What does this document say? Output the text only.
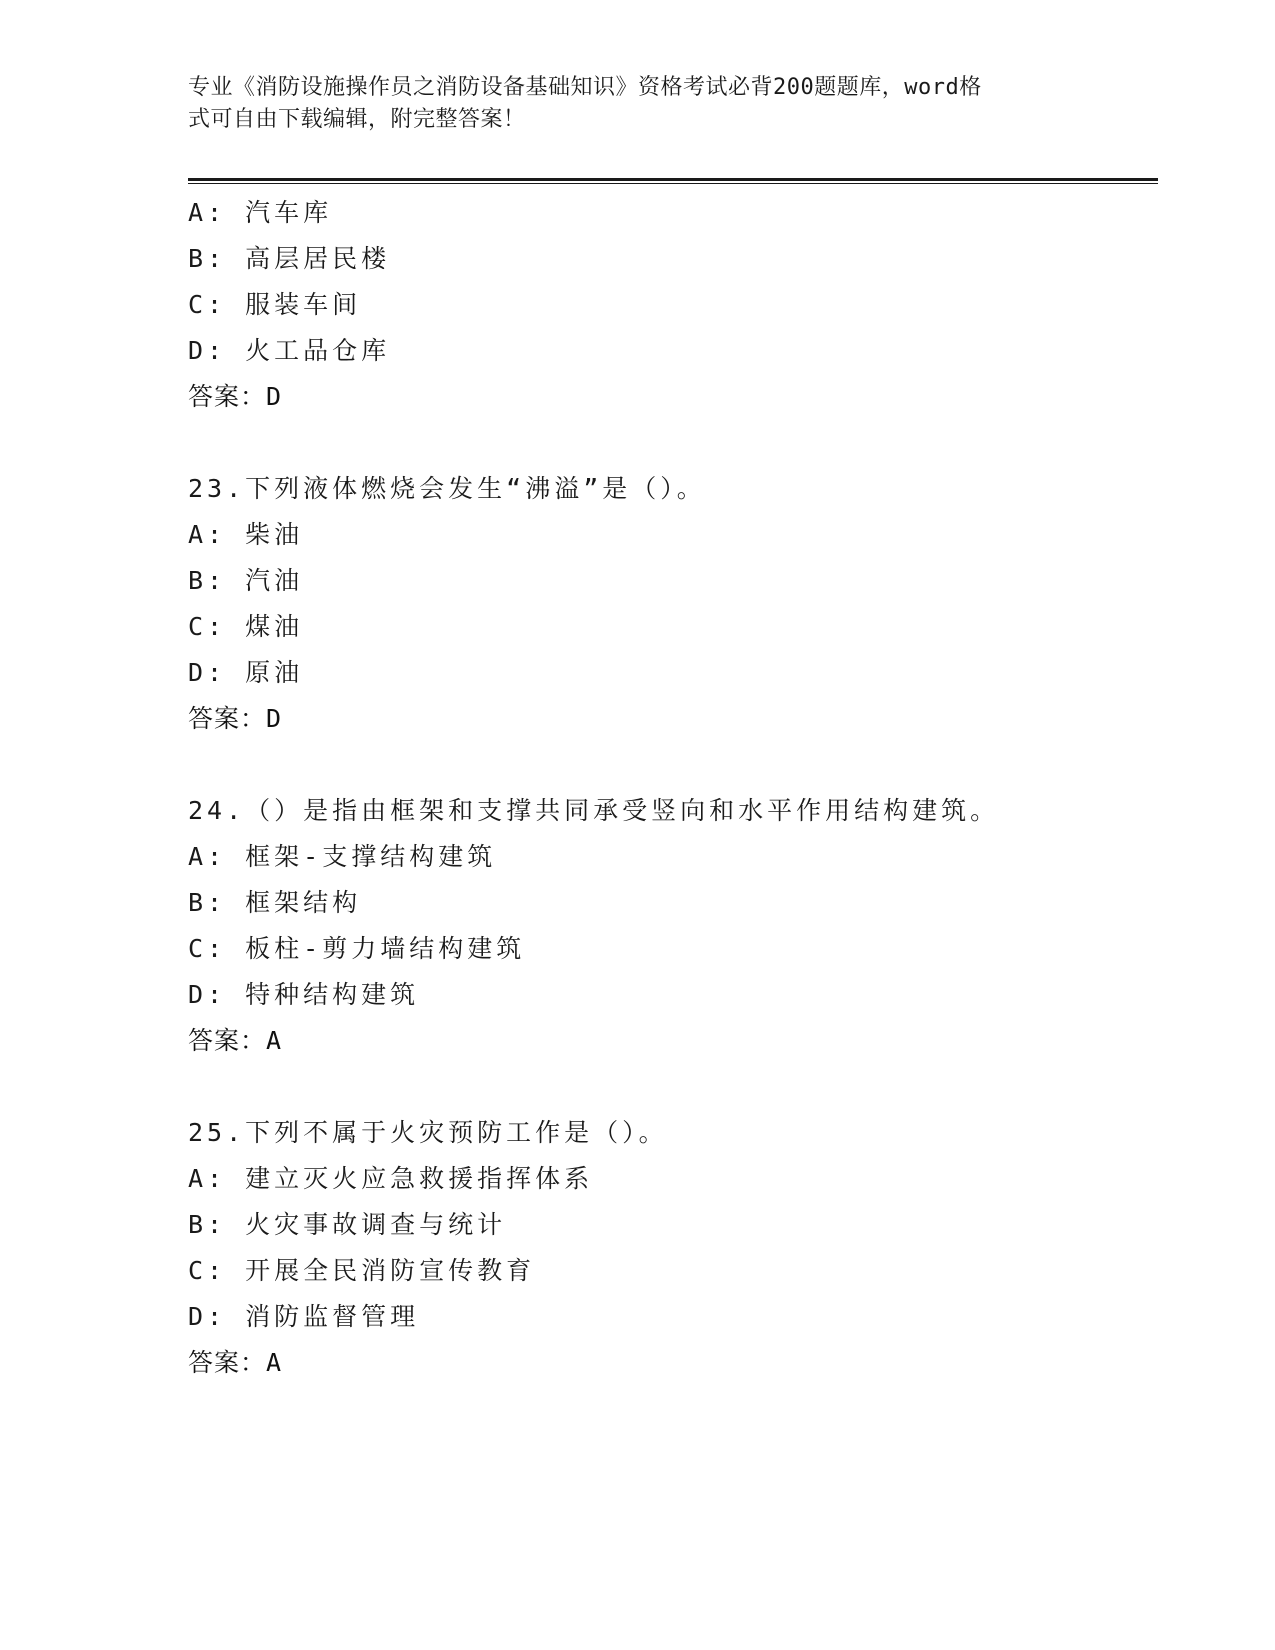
专业《消防设施操作员之消防设备基础知识》资格考试必背200题题库，word格
式可自由下载编辑，附完整答案！
A: 汽车库
B: 高层居民楼
C: 服装车间
D: 火工品仓库
答案：D
23.下列液体燃烧会发生“沸溢”是（）。
A: 柴油
B: 汽油
C: 煤油
D: 原油
答案：D
24.（）是指由框架和支撑共同承受竖向和水平作用结构建筑。
A: 框架-支撑结构建筑
B: 框架结构
C: 板柱-剪力墙结构建筑
D: 特种结构建筑
答案：A
25.下列不属于火灾预防工作是（）。
A: 建立灭火应急救援指挥体系
B: 火灾事故调查与统计
C: 开展全民消防宣传教育
D: 消防监督管理
答案：A
